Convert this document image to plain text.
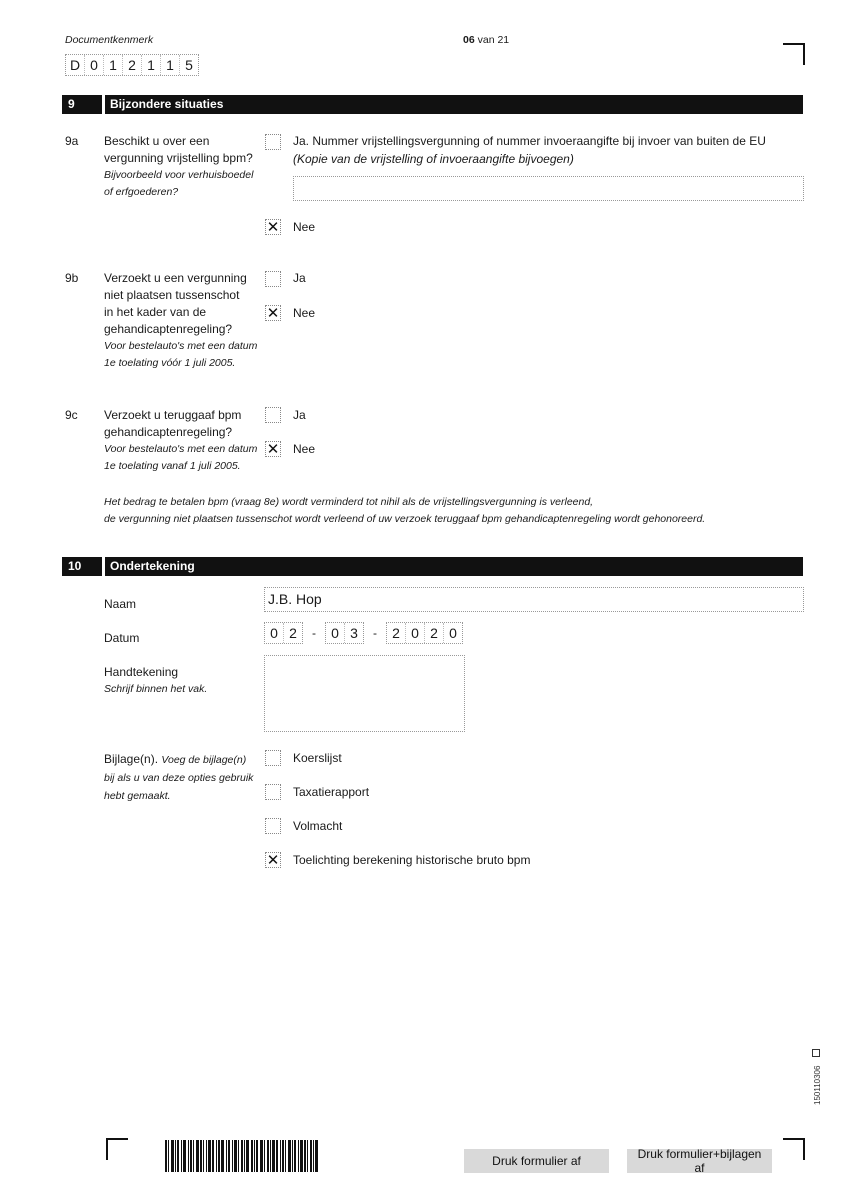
Documentkenmerk	06 van 21
D 0 1 2 1 1 5
9	Bijzondere situaties
9a Beschikt u over een
vergunning vrijstelling bpm?
Bijvoorbeeld voor verhuisboedel
of erfgoederen?
Ja. Nummer vrijstellingsvergunning of nummer invoeraangifte bij invoer van buiten de EU
(Kopie van de vrijstelling of invoeraangifte bijvoegen)
✕
Nee
9b Verzoekt u een vergunning
niet plaatsen tussenschot
in het kader van de
gehandicaptenregeling?
Voor bestelauto's met een datum
1e toelating vóór 1 juli 2005.
Ja
✕
Nee
9c Verzoekt u teruggaaf bpm
gehandicaptenregeling?
Voor bestelauto's met een datum
1e toelating vanaf 1 juli 2005.
Ja
✕
Nee
Het bedrag te betalen bpm (vraag 8e) wordt verminderd tot nihil als de vrijstellingsvergunning is verleend,
de vergunning niet plaatsen tussenschot wordt verleend of uw verzoek teruggaaf bpm gehandicaptenregeling wordt gehonoreerd.
10 Ondertekening
Naam	J.B. Hop
Datum	0 2	-	0 3	-	2 0 2 0
Handtekening
Schrijf binnen het vak.
Bijlage(n). Voeg de bijlage(n)
bij als u van deze opties gebruik
hebt gemaakt.
Koerslijst
Taxatierapport
Volmacht
✕
Toelichting berekening historische bruto bpm
150110306
Druk formulier af	Druk formulier+bijlagen af
